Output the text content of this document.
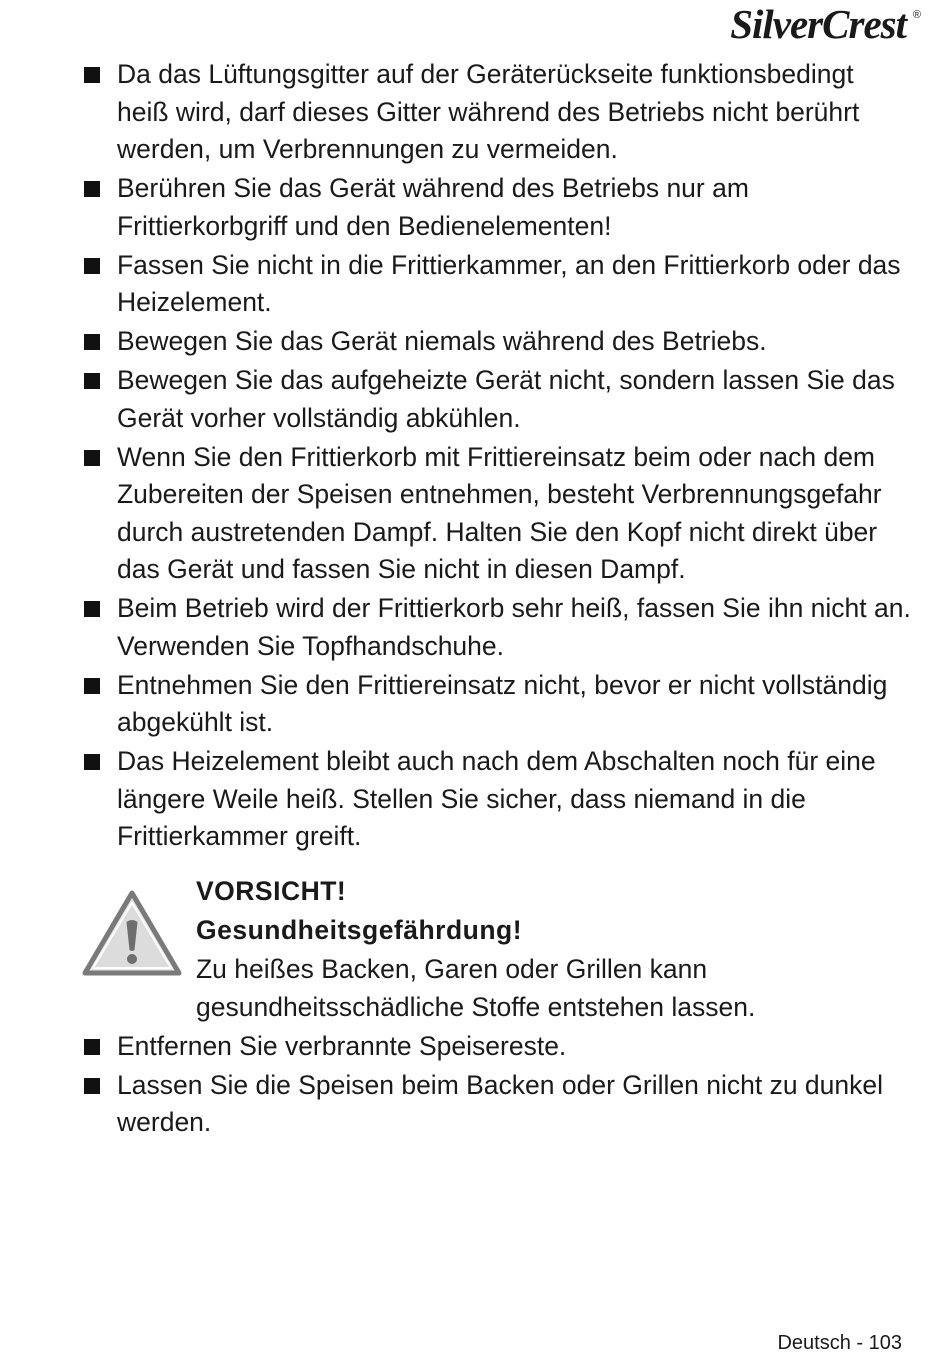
SilverCrest ®
Da das Lüftungsgitter auf der Geräterückseite funktionsbedingt heiß wird, darf dieses Gitter während des Betriebs nicht berührt werden, um Verbrennungen zu vermeiden.
Berühren Sie das Gerät während des Betriebs nur am Frittierkorbgriff und den Bedienelementen!
Fassen Sie nicht in die Frittierkammer, an den Frittierkorb oder das Heizelement.
Bewegen Sie das Gerät niemals während des Betriebs.
Bewegen Sie das aufgeheizte Gerät nicht, sondern lassen Sie das Gerät vorher vollständig abkühlen.
Wenn Sie den Frittierkorb mit Frittiereinsatz beim oder nach dem Zubereiten der Speisen entnehmen, besteht Verbrennungsgefahr durch austretenden Dampf. Halten Sie den Kopf nicht direkt über das Gerät und fassen Sie nicht in diesen Dampf.
Beim Betrieb wird der Frittierkorb sehr heiß, fassen Sie ihn nicht an. Verwenden Sie Topfhandschuhe.
Entnehmen Sie den Frittiereinsatz nicht, bevor er nicht vollständig abgekühlt ist.
Das Heizelement bleibt auch nach dem Abschalten noch für eine längere Weile heiß. Stellen Sie sicher, dass niemand in die Frittierkammer greift.
VORSICHT!
Gesundheitsgefährdung!
Zu heißes Backen, Garen oder Grillen kann gesundheitsschädliche Stoffe entstehen lassen.
Entfernen Sie verbrannte Speisereste.
Lassen Sie die Speisen beim Backen oder Grillen nicht zu dunkel werden.
Deutsch - 103
